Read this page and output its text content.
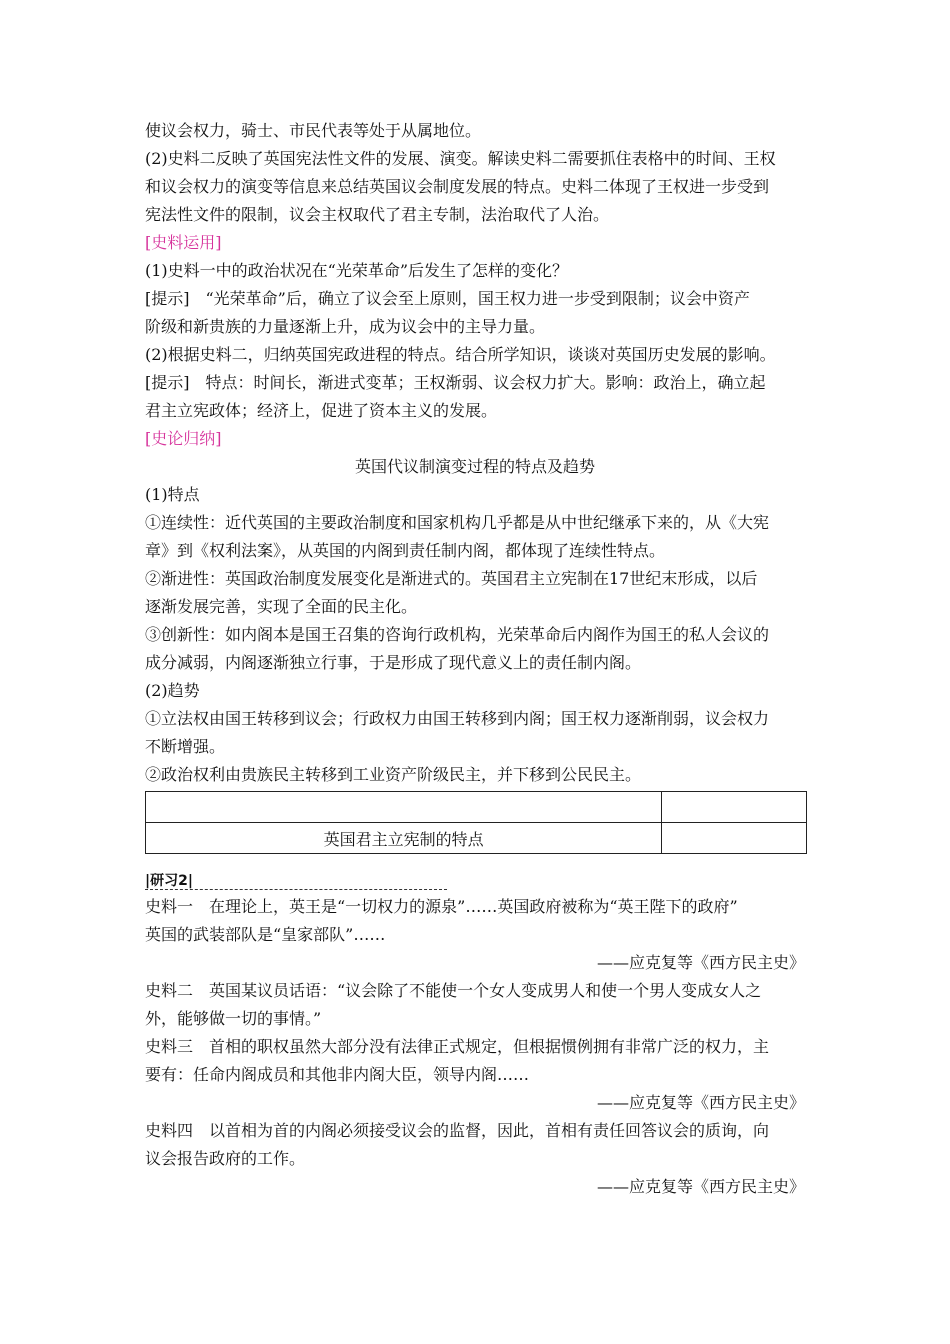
使议会权力，骑士、市民代表等处于从属地位。
(2)史料二反映了英国宪法性文件的发展、演变。解读史料二需要抓住表格中的时间、王权
和议会权力的演变等信息来总结英国议会制度发展的特点。史料二体现了王权进一步受到
宪法性文件的限制，议会主权取代了君主专制，法治取代了人治。
[史料运用]
(1)史料一中的政治状况在“光荣革命”后发生了怎样的变化？
[提示]　“光荣革命”后，确立了议会至上原则，国王权力进一步受到限制；议会中资产
阶级和新贵族的力量逐渐上升，成为议会中的主导力量。
(2)根据史料二，归纳英国宪政进程的特点。结合所学知识，谈谈对英国历史发展的影响。
[提示]　特点：时间长，渐进式变革；王权渐弱、议会权力扩大。影响：政治上，确立起
君主立宪政体；经济上，促进了资本主义的发展。
[史论归纳]
英国代议制演变过程的特点及趋势
(1)特点
①连续性：近代英国的主要政治制度和国家机构几乎都是从中世纪继承下来的，从《大宪
章》到《权利法案》，从英国的内阁到责任制内阁，都体现了连续性特点。
②渐进性：英国政治制度发展变化是渐进式的。英国君主立宪制在17世纪末形成，以后
逐渐发展完善，实现了全面的民主化。
③创新性：如内阁本是国王召集的咨询行政机构，光荣革命后内阁作为国王的私人会议的
成分减弱，内阁逐渐独立行事，于是形成了现代意义上的责任制内阁。
(2)趋势
①立法权由国王转移到议会；行政权力由国王转移到内阁；国王权力逐渐削弱，议会权力
不断增强。
②政治权利由贵族民主转移到工业资产阶级民主，并下移到公民民主。

英国君主立宪制的特点	
|研习2|
史料一　在理论上，英王是“一切权力的源泉”……英国政府被称为“英王陛下的政府”
英国的武装部队是“皇家部队”……
——应克复等《西方民主史》
史料二　英国某议员话语：“议会除了不能使一个女人变成男人和使一个男人变成女人之
外，能够做一切的事情。”
史料三　首相的职权虽然大部分没有法律正式规定，但根据惯例拥有非常广泛的权力，主
要有：任命内阁成员和其他非内阁大臣，领导内阁……
——应克复等《西方民主史》
史料四　以首相为首的内阁必须接受议会的监督，因此，首相有责任回答议会的质询，向
议会报告政府的工作。
——应克复等《西方民主史》
